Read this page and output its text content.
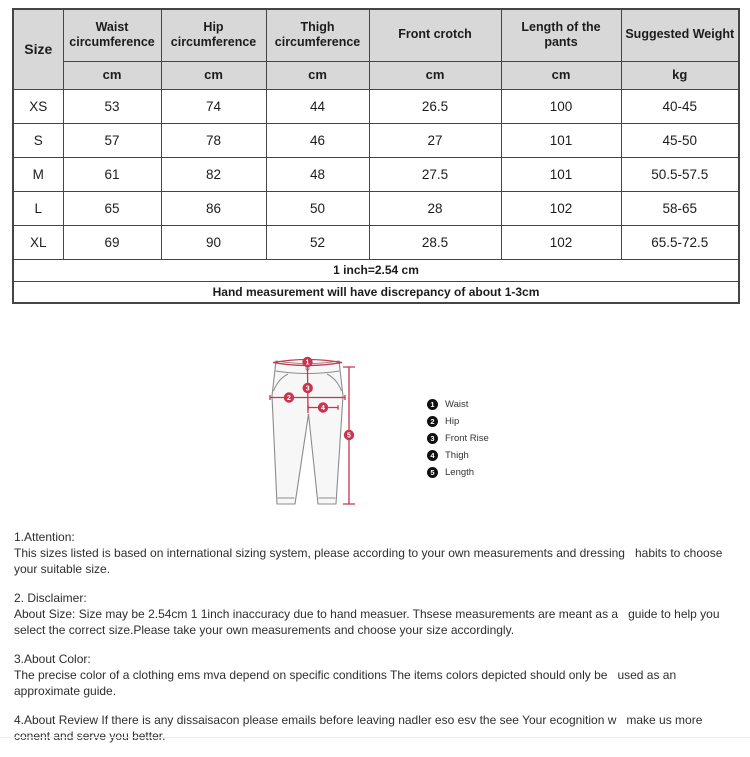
Size	Waist circumference	Hip circumference	Thigh circumference	Front crotch	Length of the pants	Suggested Weight
	cm	cm	cm	cm	cm	kg
XS	53	74	44	26.5	100	40-45
S	57	78	46	27	101	45-50
M	61	82	48	27.5	101	50.5-57.5
L	65	86	50	28	102	58-65
XL	69	90	52	28.5	102	65.5-72.5
1 inch=2.54 cm						
Hand measurement will have discrepancy of about 1-3cm						
1
2
3
4
5
1	Waist
2	Hip
3	Front Rise
4	Thigh
5	Length
1.Attention:
This sizes listed is based on international sizing system, please according to your own measurements and dressing   habits to choose your suitable size.
2. Disclaimer:
About Size: Size may be 2.54cm 1 1inch inaccuracy due to hand measuer. Thsese measurements are meant as a   guide to help you select the correct size.Please take your own measurements and choose your size accordingly.
3.About Color:
The precise color of a clothing ems mva depend on specific conditions The items colors depicted should only be   used as an approximate guide.
4.About Review If there is any dissaisacon please emails before leaving nadler eso esv the see Your ecognition w   make us more conent and serve you better.
